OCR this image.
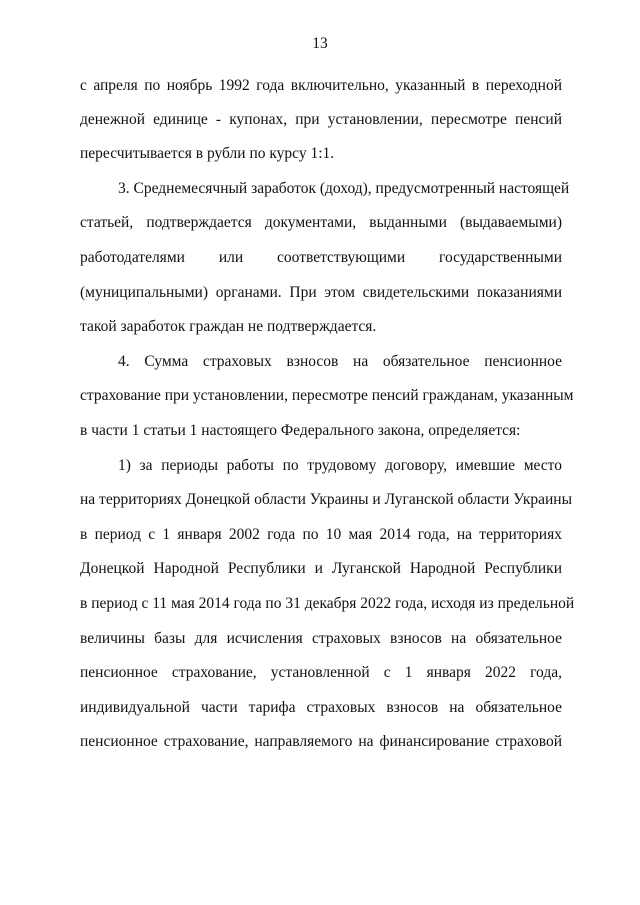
13
с апреля по ноябрь 1992 года включительно, указанный в переходной
денежной единице - купонах, при установлении, пересмотре пенсий
пересчитывается в рубли по курсу 1:1.
3. Среднемесячный заработок (доход), предусмотренный настоящей
статьей, подтверждается документами, выданными (выдаваемыми)
работодателями или соответствующими государственными
(муниципальными) органами. При этом свидетельскими показаниями
такой заработок граждан не подтверждается.
4. Сумма страховых взносов на обязательное пенсионное
страхование при установлении, пересмотре пенсий гражданам, указанным
в части 1 статьи 1 настоящего Федерального закона, определяется:
1) за периоды работы по трудовому договору, имевшие место
на территориях Донецкой области Украины и Луганской области Украины
в период с 1 января 2002 года по 10 мая 2014 года, на территориях
Донецкой Народной Республики и Луганской Народной Республики
в период с 11 мая 2014 года по 31 декабря 2022 года, исходя из предельной
величины базы для исчисления страховых взносов на обязательное
пенсионное страхование, установленной с 1 января 2022 года,
индивидуальной части тарифа страховых взносов на обязательное
пенсионное страхование, направляемого на финансирование страховой
